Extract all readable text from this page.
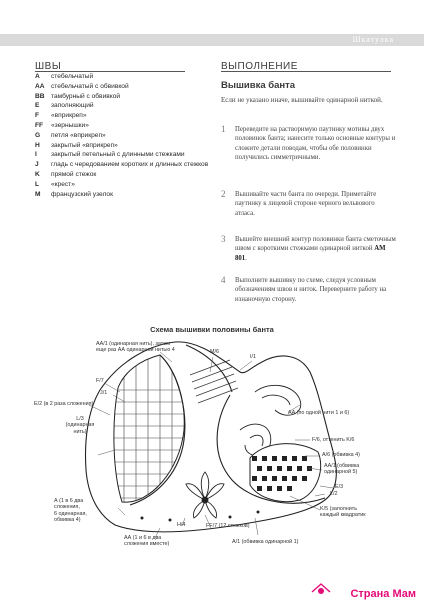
Шкатулка
ШВЫ
A	стебельчатый
AA стебельчатый с обвивкой
BB тамбурный с обвивкой
E	заполняющий
F	«вприкреп»
FF	«зернышки»
G	петля «вприкреп»
H	закрытый «вприкреп»
I	закрытый петельный с длинными стежками
J	гладь с чередованием коротких и длинных стежков
K	прямой стежок
L	«крест»
M	французский узелок
ВЫПОЛНЕНИЕ
Вышивка банта
Если не указано иначе, вышивайте одинарной ниткой.
1	Переведите на растворимую паутинку мотивы двух половинок банта; нанесите только основные контуры и сложите детали поводам, чтобы обе половинки получились симметричными.
2	Вышивайте части банта по очереди. Приметайте паутинку к лицевой стороне черного вельвового атласа.
3	Вышейте внешний контур половинки банта сметочным швом с короткими стежками одинарной ниткой AM 801.
4	Выполните вышивку по схеме, следуя условным обозначениям швов и ниток. Переверните работу на изнаночную сторону.
Схема вышивки половины банта
АА/1 (одинарная нить), затем
еще раз АА одинарной нитью 4	M/6
I/1
F/7
J/1
E/2 (в 2 раза сложения)
L/3
(одинарная
нить)
АА (по одной нити 1 и 6)
F/6, оттенить K/6
А/6 (обвивка 4)
AA/1 (обвивка
одинарной 5)
E/3
L/2
K/5 (заполнить
каждый квадратик
А (1 в 6 два
сложения,
6 одинарная,
обвивка 4)
H/4	FF/7 (12 стежков)
АА (1 и 6 в два
сложения вместе)	А/1 (обвивка одинарной 1)
Страна Мам
